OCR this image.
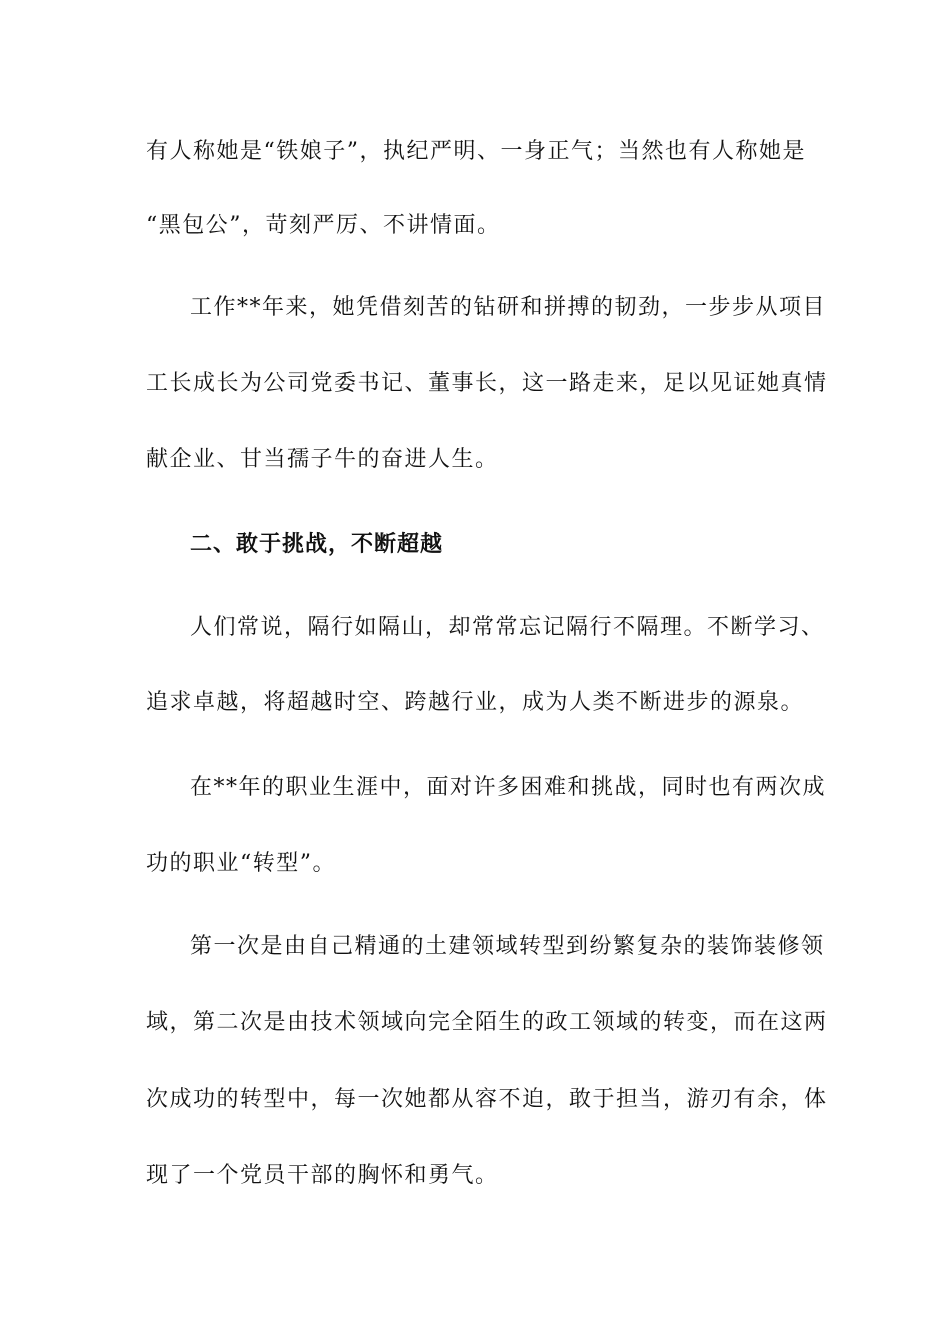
有人称她是“铁娘子”，执纪严明、一身正气；当然也有人称她是
“黑包公”，苛刻严厉、不讲情面。
工作**年来，她凭借刻苦的钻研和拼搏的韧劲，一步步从项目
工长成长为公司党委书记、董事长，这一路走来，足以见证她真情
献企业、甘当孺子牛的奋进人生。
二、敢于挑战，不断超越
人们常说，隔行如隔山，却常常忘记隔行不隔理。不断学习、
追求卓越，将超越时空、跨越行业，成为人类不断进步的源泉。
在**年的职业生涯中，面对许多困难和挑战，同时也有两次成
功的职业“转型”。
第一次是由自己精通的土建领域转型到纷繁复杂的装饰装修领
域，第二次是由技术领域向完全陌生的政工领域的转变，而在这两
次成功的转型中，每一次她都从容不迫，敢于担当，游刃有余，体
现了一个党员干部的胸怀和勇气。
